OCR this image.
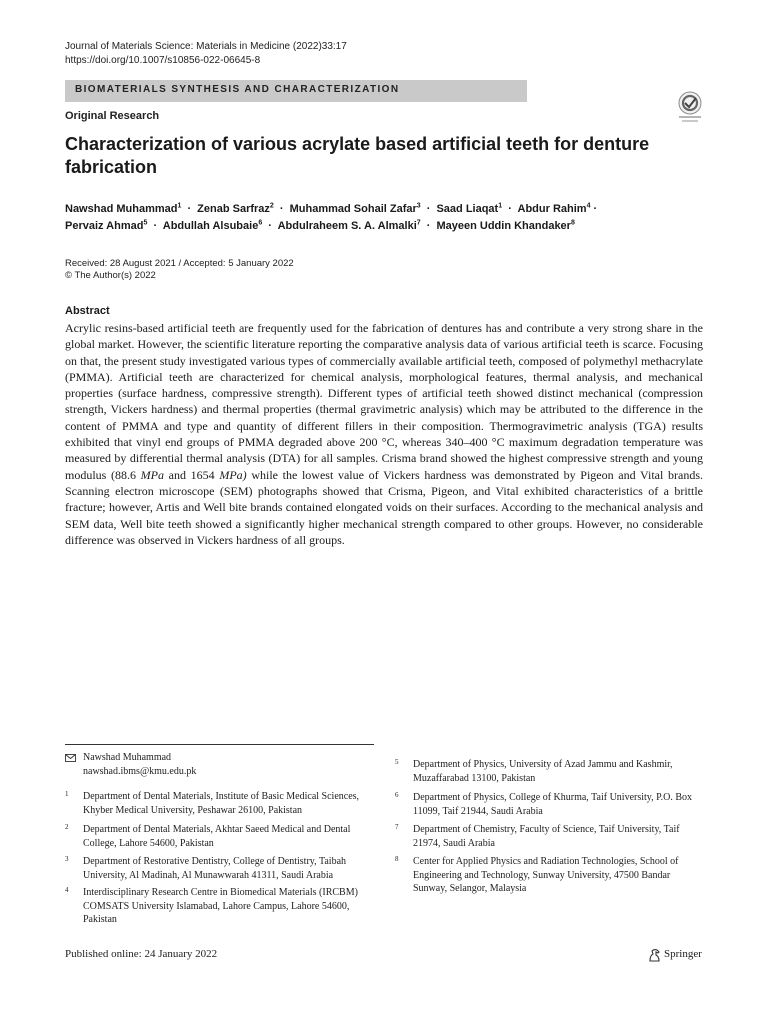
Journal of Materials Science: Materials in Medicine (2022)33:17
https://doi.org/10.1007/s10856-022-06645-8
BIOMATERIALS SYNTHESIS AND CHARACTERIZATION
Original Research
Characterization of various acrylate based artificial teeth for denture fabrication
Nawshad Muhammad$^1$ · Zenab Sarfraz$^2$ · Muhammad Sohail Zafar$^3$ · Saad Liaqat$^1$ · Abdur Rahim$^4$ ·
Pervaiz Ahmad$^5$ · Abdullah Alsubaie$^6$ · Abdulraheem S. A. Almalki$^7$ · Mayeen Uddin Khandaker$^8$
Received: 28 August 2021 / Accepted: 5 January 2022
© The Author(s) 2022
Abstract

Acrylic resins-based artificial teeth are frequently used for the fabrication of dentures has and contribute a very strong share in the global market. However, the scientific literature reporting the comparative analysis data of various artificial teeth is scarce. Focusing on that, the present study investigated various types of commercially available artificial teeth, composed of polymethyl methacrylate (PMMA). Artificial teeth are characterized for chemical analysis, morphological features, thermal analysis, and mechanical properties (surface hardness, compressive strength). Different types of artificial teeth showed distinct mechanical (compression strength, Vickers hardness) and thermal properties (thermal gravimetric analysis) which may be attributed to the difference in the content of PMMA and type and quantity of different fillers in their composition. Thermogravimetric analysis (TGA) results exhibited that vinyl end groups of PMMA degraded above 200 °C, whereas 340–400 °C maximum degradation temperature was measured by differential thermal analysis (DTA) for all samples. Crisma brand showed the highest compressive strength and young modulus (88.6 MPa and 1654 MPa) while the lowest value of Vickers hardness was demonstrated by Pigeon and Vital brands. Scanning electron microscope (SEM) photographs showed that Crisma, Pigeon, and Vital exhibited characteristics of a brittle fracture; however, Artis and Well bite brands contained elongated voids on their surfaces. According to the mechanical analysis and SEM data, Well bite teeth showed a significantly higher mechanical strength compared to other groups. However, no considerable difference was observed in Vickers hardness of all groups.

Nawshad Muhammad
nawshad.ibms@kmu.edu.pk
1 Department of Dental Materials, Institute of Basic Medical Sciences, Khyber Medical University, Peshawar 26100, Pakistan
2 Department of Dental Materials, Akhtar Saeed Medical and Dental College, Lahore 54600, Pakistan
3 Department of Restorative Dentistry, College of Dentistry, Taibah University, Al Madinah, Al Munawwarah 41311, Saudi Arabia
4 Interdisciplinary Research Centre in Biomedical Materials (IRCBM) COMSATS University Islamabad, Lahore Campus, Lahore 54600, Pakistan
5 Department of Physics, University of Azad Jammu and Kashmir, Muzaffarabad 13100, Pakistan
6 Department of Physics, College of Khurma, Taif University, P.O. Box 11099, Taif 21944, Saudi Arabia
7 Department of Chemistry, Faculty of Science, Taif University, Taif 21974, Saudi Arabia
8 Center for Applied Physics and Radiation Technologies, School of Engineering and Technology, Sunway University, 47500 Bandar Sunway, Selangor, Malaysia
Published online: 24 January 2022	Springer
